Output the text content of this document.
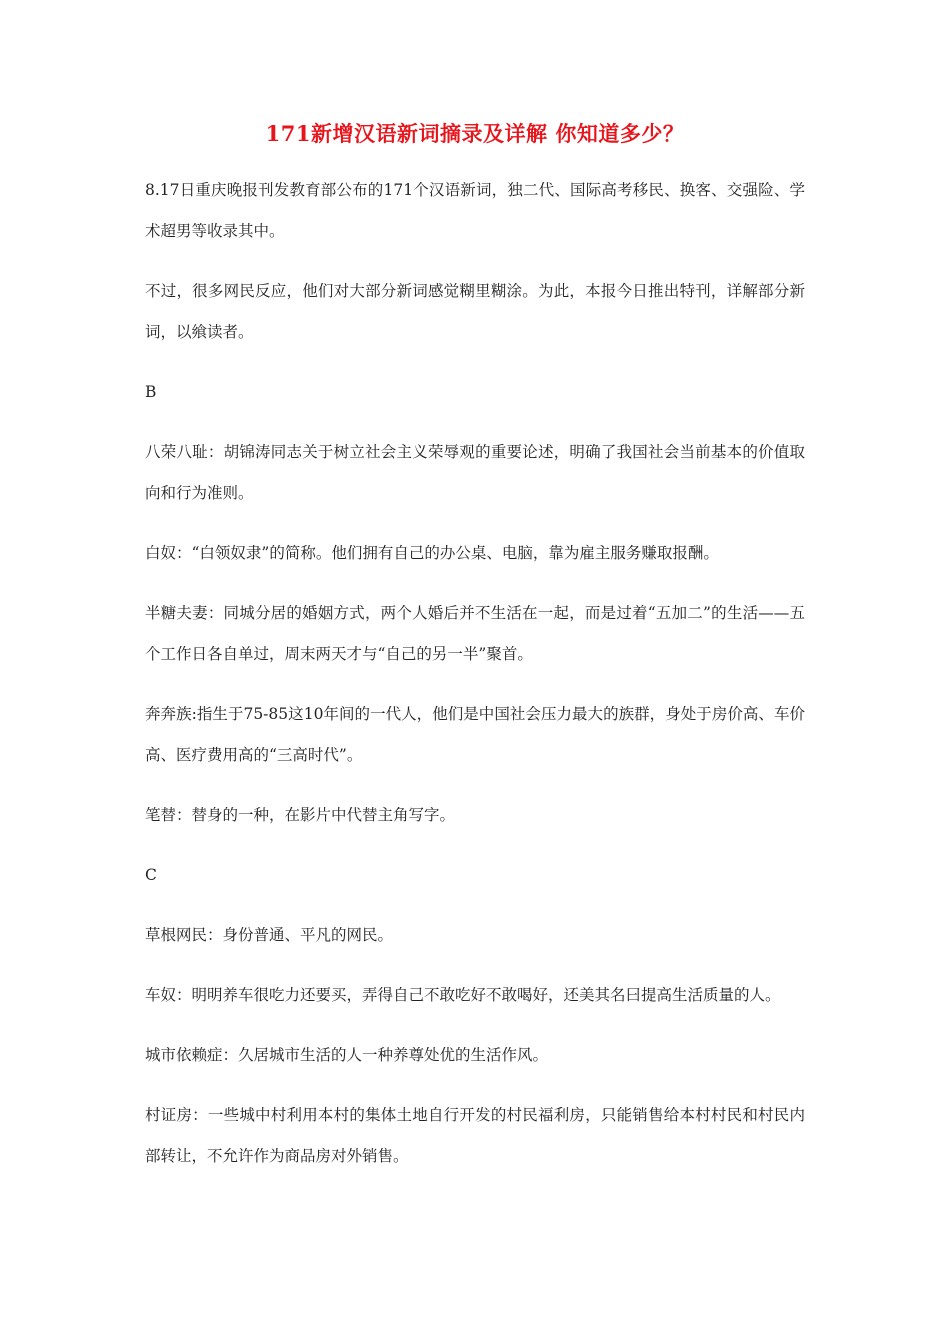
171新增汉语新词摘录及详解 你知道多少？

8.17日重庆晚报刊发教育部公布的171个汉语新词，独二代、国际高考移民、换客、交强险、学术超男等收录其中。

不过，很多网民反应，他们对大部分新词感觉糊里糊涂。为此，本报今日推出特刊，详解部分新词，以飨读者。

B

八荣八耻：胡锦涛同志关于树立社会主义荣辱观的重要论述，明确了我国社会当前基本的价值取向和行为准则。

白奴：“白领奴隶”的简称。他们拥有自己的办公桌、电脑，靠为雇主服务赚取报酬。

半糖夫妻：同城分居的婚姻方式，两个人婚后并不生活在一起，而是过着“五加二”的生活——五个工作日各自单过，周末两天才与“自己的另一半”聚首。

奔奔族:指生于75-85这10年间的一代人，他们是中国社会压力最大的族群，身处于房价高、车价高、医疗费用高的“三高时代”。

笔替：替身的一种，在影片中代替主角写字。

C

草根网民：身份普通、平凡的网民。

车奴：明明养车很吃力还要买，弄得自己不敢吃好不敢喝好，还美其名曰提高生活质量的人。

城市依赖症：久居城市生活的人一种养尊处优的生活作风。

村证房：一些城中村利用本村的集体土地自行开发的村民福利房，只能销售给本村村民和村民内部转让，不允许作为商品房对外销售。
